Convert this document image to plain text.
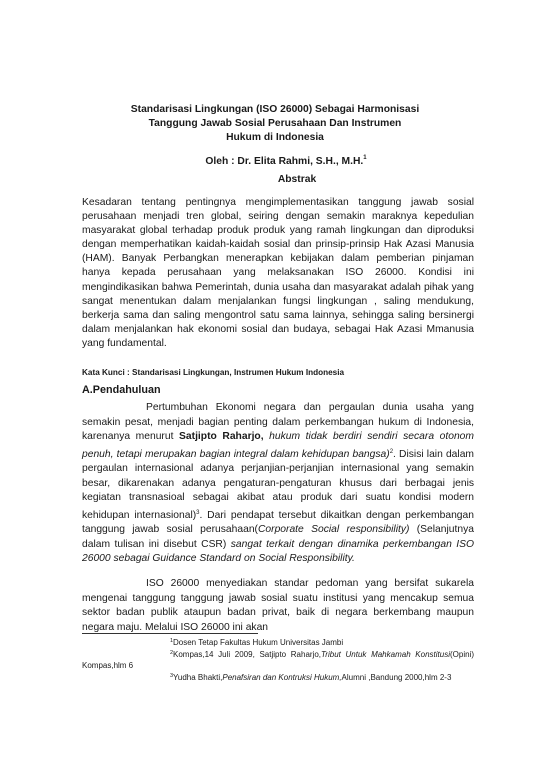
Standarisasi Lingkungan (ISO 26000) Sebagai Harmonisasi
Tanggung Jawab Sosial Perusahaan Dan Instrumen
Hukum di Indonesia
Oleh : Dr. Elita Rahmi, S.H., M.H.$^1$
Abstrak
Kesadaran tentang pentingnya mengimplementasikan tanggung jawab sosial perusahaan menjadi tren global, seiring dengan semakin maraknya kepedulian masyarakat global terhadap produk produk yang ramah lingkungan dan diproduksi dengan memperhatikan kaidah-kaidah sosial dan prinsip-prinsip Hak Azasi Manusia (HAM). Banyak Perbangkan menerapkan kebijakan dalam pemberian pinjaman hanya kepada perusahaan yang melaksanakan ISO 26000. Kondisi ini mengindikasikan bahwa Pemerintah, dunia usaha dan masyarakat adalah pihak yang sangat menentukan dalam menjalankan fungsi lingkungan , saling mendukung, berkerja sama dan saling mengontrol satu sama lainnya, sehingga saling bersinergi dalam menjalankan hak ekonomi sosial dan budaya, sebagai Hak Azasi Mmanusia yang fundamental.
Kata Kunci : Standarisasi Lingkungan, Instrumen Hukum Indonesia
A.Pendahuluan
Pertumbuhan Ekonomi negara dan pergaulan dunia usaha yang semakin pesat, menjadi bagian penting dalam perkembangan hukum di Indonesia, karenanya menurut Satjipto Raharjo, hukum tidak berdiri sendiri secara otonom penuh, tetapi merupakan bagian integral dalam kehidupan bangsa)$^2$. Disisi lain dalam pergaulan internasional adanya perjanjian-perjanjian internasional yang semakin besar, dikarenakan adanya pengaturan-pengaturan khusus dari berbagai jenis kegiatan transnasioal sebagai akibat atau produk dari suatu kondisi modern kehidupan internasional)$^3$. Dari pendapat tersebut dikaitkan dengan perkembangan tanggung jawab sosial perusahaan(Corporate Social responsibility) (Selanjutnya dalam tulisan ini disebut CSR) sangat terkait dengan dinamika perkembangan ISO 26000 sebagai Guidance Standard on Social Responsibility.
ISO 26000 menyediakan standar pedoman yang bersifat sukarela mengenai tanggung tanggung jawab sosial suatu institusi yang mencakup semua sektor badan publik ataupun badan privat, baik di negara berkembang maupun negara maju. Melalui ISO 26000 ini akan
$^1$Dosen Tetap Fakultas Hukum Universitas Jambi
$^2$Kompas,14 Juli 2009, Satjipto Raharjo,Tribut Untuk Mahkamah Konstitusi(Opini) Kompas,hlm 6
$^3$Yudha Bhakti,Penafsiran dan Kontruksi Hukum,Alumni ,Bandung 2000,hlm 2-3
